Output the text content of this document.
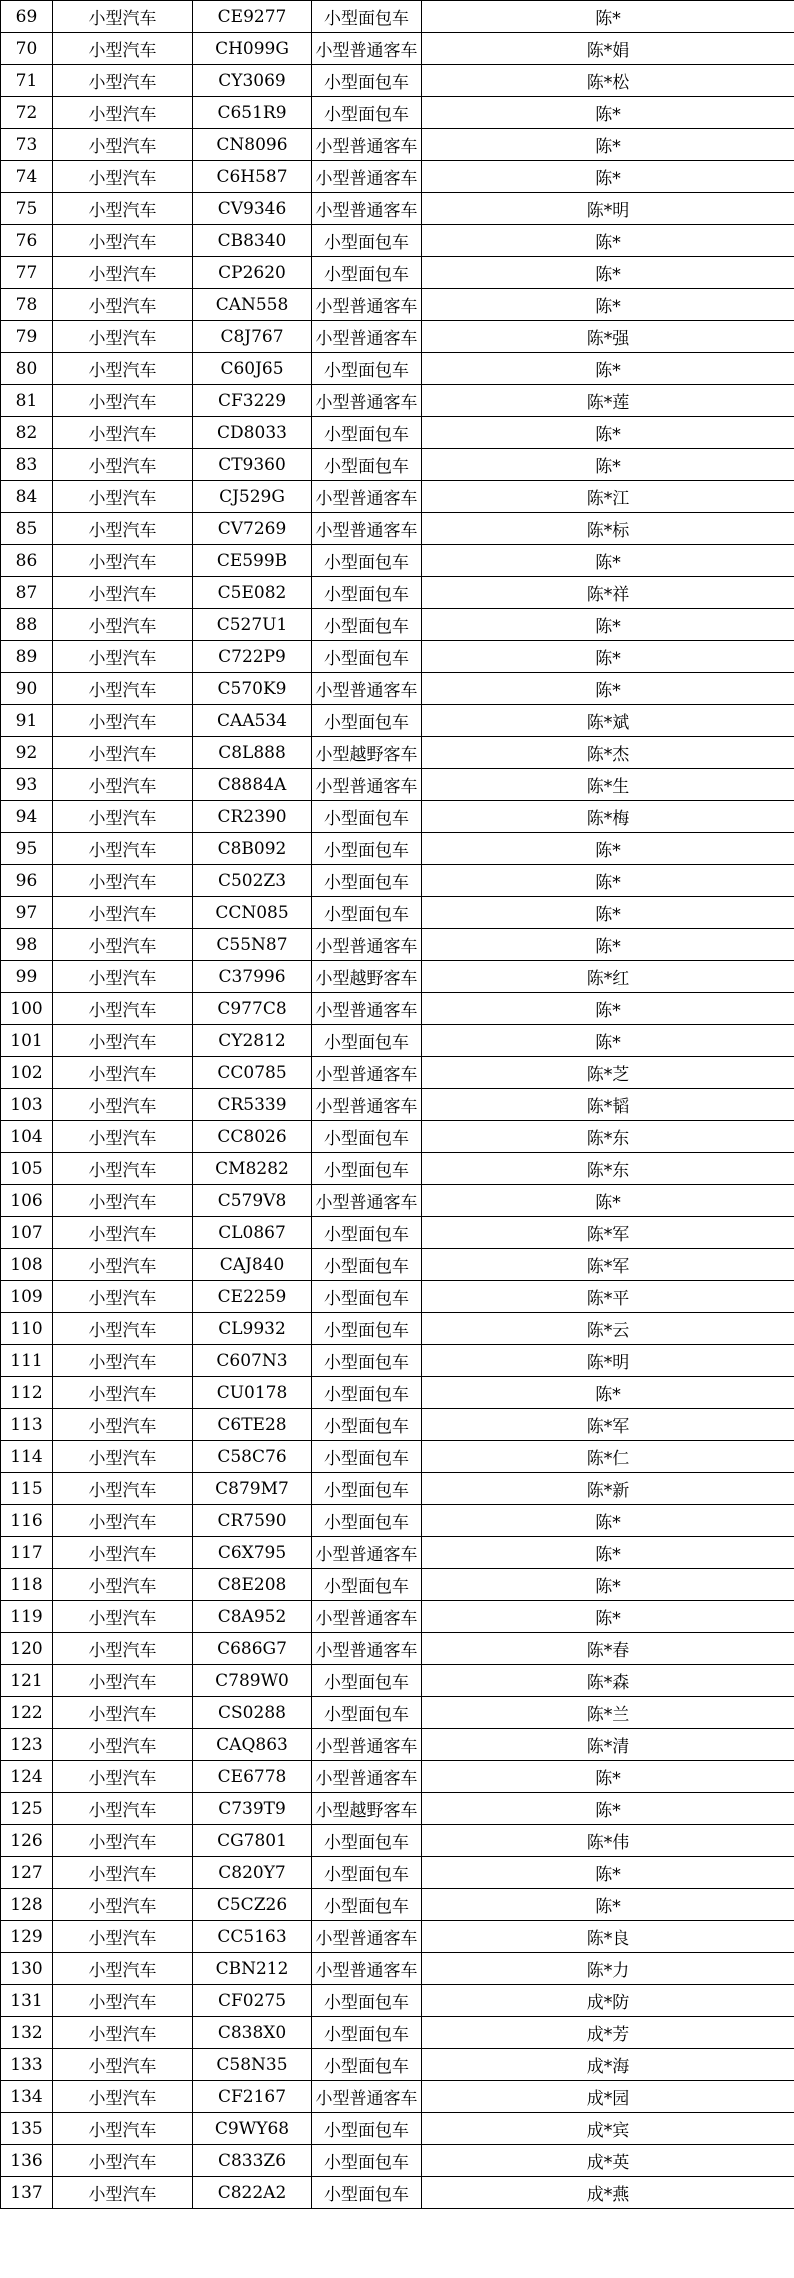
69	小型汽车	CE9277	小型面包车	陈*
70	小型汽车	CH099G	小型普通客车	陈*娟
71	小型汽车	CY3069	小型面包车	陈*松
72	小型汽车	C651R9	小型面包车	陈*
73	小型汽车	CN8096	小型普通客车	陈*
74	小型汽车	C6H587	小型普通客车	陈*
75	小型汽车	CV9346	小型普通客车	陈*明
76	小型汽车	CB8340	小型面包车	陈*
77	小型汽车	CP2620	小型面包车	陈*
78	小型汽车	CAN558	小型普通客车	陈*
79	小型汽车	C8J767	小型普通客车	陈*强
80	小型汽车	C60J65	小型面包车	陈*
81	小型汽车	CF3229	小型普通客车	陈*莲
82	小型汽车	CD8033	小型面包车	陈*
83	小型汽车	CT9360	小型面包车	陈*
84	小型汽车	CJ529G	小型普通客车	陈*江
85	小型汽车	CV7269	小型普通客车	陈*标
86	小型汽车	CE599B	小型面包车	陈*
87	小型汽车	C5E082	小型面包车	陈*祥
88	小型汽车	C527U1	小型面包车	陈*
89	小型汽车	C722P9	小型面包车	陈*
90	小型汽车	C570K9	小型普通客车	陈*
91	小型汽车	CAA534	小型面包车	陈*斌
92	小型汽车	C8L888	小型越野客车	陈*杰
93	小型汽车	C8884A	小型普通客车	陈*生
94	小型汽车	CR2390	小型面包车	陈*梅
95	小型汽车	C8B092	小型面包车	陈*
96	小型汽车	C502Z3	小型面包车	陈*
97	小型汽车	CCN085	小型面包车	陈*
98	小型汽车	C55N87	小型普通客车	陈*
99	小型汽车	C37996	小型越野客车	陈*红
100	小型汽车	C977C8	小型普通客车	陈*
101	小型汽车	CY2812	小型面包车	陈*
102	小型汽车	CC0785	小型普通客车	陈*芝
103	小型汽车	CR5339	小型普通客车	陈*韬
104	小型汽车	CC8026	小型面包车	陈*东
105	小型汽车	CM8282	小型面包车	陈*东
106	小型汽车	C579V8	小型普通客车	陈*
107	小型汽车	CL0867	小型面包车	陈*军
108	小型汽车	CAJ840	小型面包车	陈*军
109	小型汽车	CE2259	小型面包车	陈*平
110	小型汽车	CL9932	小型面包车	陈*云
111	小型汽车	C607N3	小型面包车	陈*明
112	小型汽车	CU0178	小型面包车	陈*
113	小型汽车	C6TE28	小型面包车	陈*军
114	小型汽车	C58C76	小型面包车	陈*仁
115	小型汽车	C879M7	小型面包车	陈*新
116	小型汽车	CR7590	小型面包车	陈*
117	小型汽车	C6X795	小型普通客车	陈*
118	小型汽车	C8E208	小型面包车	陈*
119	小型汽车	C8A952	小型普通客车	陈*
120	小型汽车	C686G7	小型普通客车	陈*春
121	小型汽车	C789W0	小型面包车	陈*森
122	小型汽车	CS0288	小型面包车	陈*兰
123	小型汽车	CAQ863	小型普通客车	陈*清
124	小型汽车	CE6778	小型普通客车	陈*
125	小型汽车	C739T9	小型越野客车	陈*
126	小型汽车	CG7801	小型面包车	陈*伟
127	小型汽车	C820Y7	小型面包车	陈*
128	小型汽车	C5CZ26	小型面包车	陈*
129	小型汽车	CC5163	小型普通客车	陈*良
130	小型汽车	CBN212	小型普通客车	陈*力
131	小型汽车	CF0275	小型面包车	成*防
132	小型汽车	C838X0	小型面包车	成*芳
133	小型汽车	C58N35	小型面包车	成*海
134	小型汽车	CF2167	小型普通客车	成*园
135	小型汽车	C9WY68	小型面包车	成*宾
136	小型汽车	C833Z6	小型面包车	成*英
137	小型汽车	C822A2	小型面包车	成*燕
